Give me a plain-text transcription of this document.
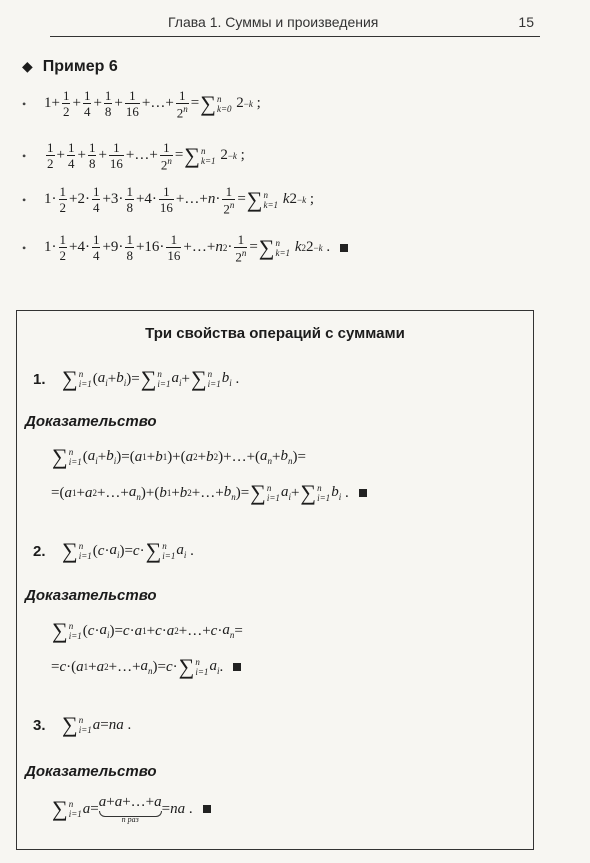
Глава 1. Суммы и произведения	15
◆ Пример 6
•	$1+ \frac{1}{2} + \frac{1}{4} + \frac{1}{8} + \frac{1}{16}$ +…+ $\frac{1}{2^n}$ = ∑ n
k=0 2 −k ;
•	$\frac{1}{2} + \frac{1}{4} + \frac{1}{8} + \frac{1}{16}$ +…+ $\frac{1}{2^n}$ = ∑ n
k=1 2 −k ;
•	$1\cdot \frac{1}{2} +2\cdot \frac{1}{4} +3\cdot \frac{1}{8} +4\cdot \frac{1}{16}$ +…+ $n \cdot \frac{1}{2^n}$ = ∑ n
k=1
k 2 −k ;
•	$1\cdot \frac{1}{2} +4\cdot \frac{1}{4} +9\cdot \frac{1}{8} +16\cdot \frac{1}{16}$ +…+ n $2 \cdot \frac{1}{2^n}$ = ∑ n
k=1
k 2 2 −k .
Три свойства операций с суммами
1. ∑ n
i=1 ( $a_i + b_i$ )= ∑ n
i=1 $a_i$ + ∑ n
i=1 $b_i$ .
Доказательство
∑ n
i=1 ( $a_i + b_i$ )=( a 1 + b 1 )+( a 2 + b 2 )+…+( $a_n + b_n$ )=
=( a 1 + a 2 +…+ $a_n$ )+( b 1 + b 2 +…+ $b_n$ )= ∑ n
i=1 $a_i$ + ∑ n
i=1 $b_i$ .
2. ∑ n
i=1 ( $c \cdot a_i$ )= c · ∑ n
i=1 $a_i$ .
Доказательство
∑ n
i=1 ( $c \cdot a_i$ )= c · a 1 + c · a 2 +…+ $c \cdot a_n$ =
= c ·( a 1 + a 2 +…+ $a_n$ )= c · ∑ n
i=1 $a_i$ .
3. ∑ n
i=1 a = na .
Доказательство
∑ n
i=1 a = a+a+…+a
n раз
= na .
